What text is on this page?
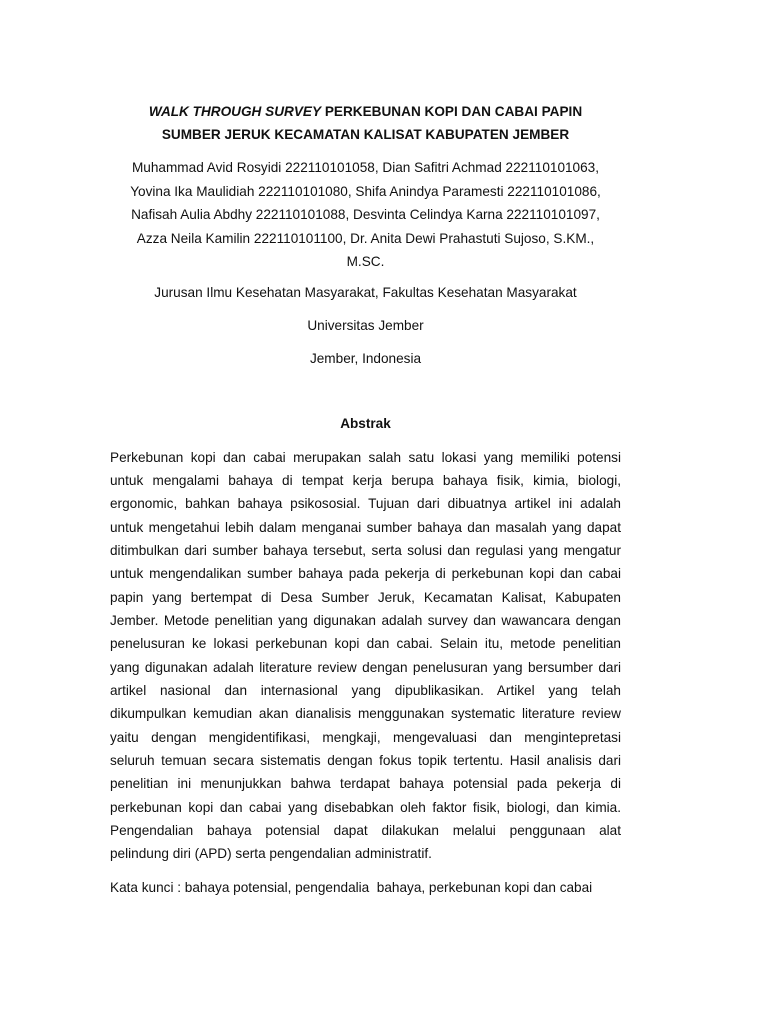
WALK THROUGH SURVEY PERKEBUNAN KOPI DAN CABAI PAPIN
SUMBER JERUK KECAMATAN KALISAT KABUPATEN JEMBER
Muhammad Avid Rosyidi 222110101058, Dian Safitri Achmad 222110101063,
Yovina Ika Maulidiah 222110101080, Shifa Anindya Paramesti 222110101086,
Nafisah Aulia Abdhy 222110101088, Desvinta Celindya Karna 222110101097,
Azza Neila Kamilin 222110101100, Dr. Anita Dewi Prahastuti Sujoso, S.KM.,
M.SC.
Jurusan Ilmu Kesehatan Masyarakat, Fakultas Kesehatan Masyarakat
Universitas Jember
Jember, Indonesia
Abstrak
Perkebunan kopi dan cabai merupakan salah satu lokasi yang memiliki potensi
untuk mengalami bahaya di tempat kerja berupa bahaya fisik, kimia, biologi,
ergonomic, bahkan bahaya psikososial. Tujuan dari dibuatnya artikel ini adalah
untuk mengetahui lebih dalam menganai sumber bahaya dan masalah yang dapat
ditimbulkan dari sumber bahaya tersebut, serta solusi dan regulasi yang mengatur
untuk mengendalikan sumber bahaya pada pekerja di perkebunan kopi dan cabai
papin yang bertempat di Desa Sumber Jeruk, Kecamatan Kalisat, Kabupaten
Jember. Metode penelitian yang digunakan adalah survey dan wawancara dengan
penelusuran ke lokasi perkebunan kopi dan cabai. Selain itu, metode penelitian
yang digunakan adalah literature review dengan penelusuran yang bersumber dari
artikel nasional dan internasional yang dipublikasikan. Artikel yang telah
dikumpulkan kemudian akan dianalisis menggunakan systematic literature review
yaitu dengan mengidentifikasi, mengkaji, mengevaluasi dan mengintepretasi
seluruh temuan secara sistematis dengan fokus topik tertentu. Hasil analisis dari
penelitian ini menunjukkan bahwa terdapat bahaya potensial pada pekerja di
perkebunan kopi dan cabai yang disebabkan oleh faktor fisik, biologi, dan kimia.
Pengendalian bahaya potensial dapat dilakukan melalui penggunaan alat
pelindung diri (APD) serta pengendalian administratif.
Kata kunci : bahaya potensial, pengendalia  bahaya, perkebunan kopi dan cabai
